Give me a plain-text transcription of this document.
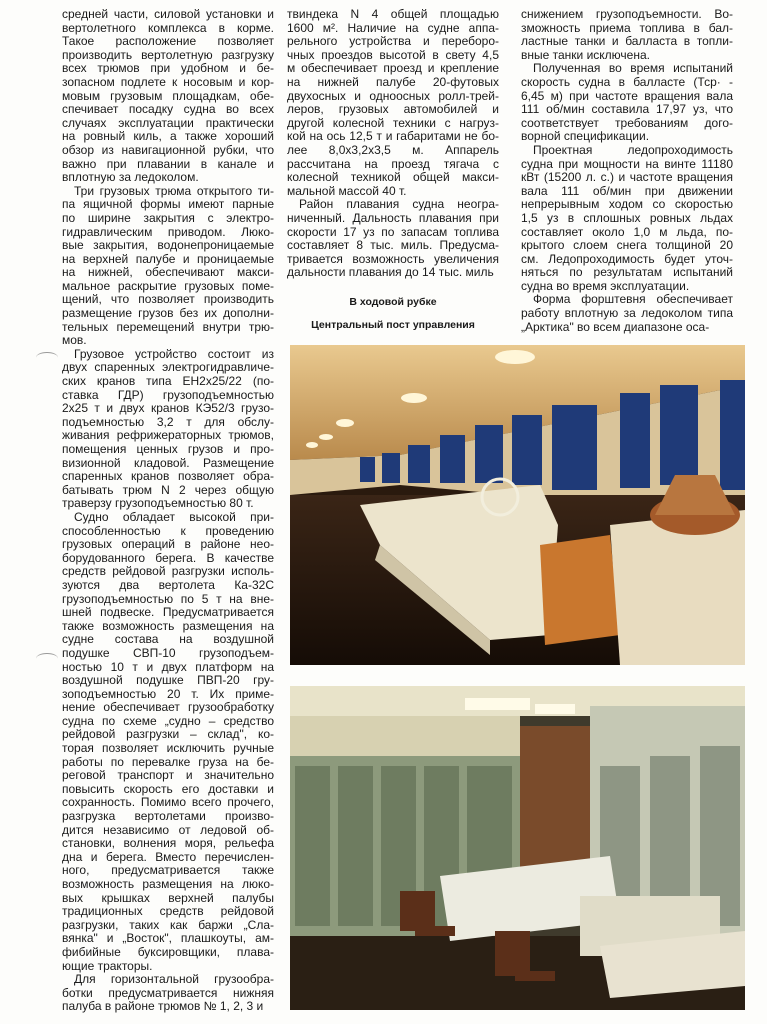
средней части, силовой установки и
вертолетного комплекса в корме.
Такое расположение позволяет
производить вертолетную разгрузку
всех трюмов при удобном и бе-
зопасном подлете к носовым и кор-
мовым грузовым площадкам, обе-
спечивает посадку судна во всех
случаях эксплуатации практически
на ровный киль, а также хороший
обзор из навигационной рубки, что
важно при плавании в канале и
вплотную за ледоколом.
Три грузовых трюма открытого ти-
па ящичной формы имеют парные
по ширине закрытия с электро-
гидравлическим приводом. Люко-
вые закрытия, водонепроницаемые
на верхней палубе и проницаемые
на нижней, обеспечивают макси-
мальное раскрытие грузовых поме-
щений, что позволяет производить
размещение грузов без их дополни-
тельных перемещений внутри трю-
мов.
Грузовое устройство состоит из
двух спаренных электрогидравличе-
ских кранов типа ЕН2х25/22 (по-
ставка ГДР) грузоподъемностью
2х25 т и двух кранов КЭ52/3 грузо-
подъемностью 3,2 т для обслу-
живания рефрижераторных трюмов,
помещения ценных грузов и про-
визионной кладовой. Размещение
спаренных кранов позволяет обра-
батывать трюм N 2 через общую
траверзу грузоподъемностью 80 т.
Судно обладает высокой при-
способленностью к проведению
грузовых операций в районе нео-
борудованного берега. В качестве
средств рейдовой разгрузки исполь-
зуются два вертолета Ка-32С
грузоподъемностью по 5 т на вне-
шней подвеске. Предусматривается
также возможность размещения на
судне состава на воздушной
подушке СВП-10 грузоподъем-
ностью 10 т и двух платформ на
воздушной подушке ПВП-20 гру-
зоподъемностью 20 т. Их приме-
нение обеспечивает грузообработку
судна по схеме „судно – средство
рейдовой разгрузки – склад", ко-
торая позволяет исключить ручные
работы по перевалке груза на бе-
реговой транспорт и значительно
повысить скорость его доставки и
сохранность. Помимо всего прочего,
разгрузка вертолетами произво-
дится независимо от ледовой об-
становки, волнения моря, рельефа
дна и берега. Вместо перечислен-
ного, предусматривается также
возможность размещения на люко-
вых крышках верхней палубы
традиционных средств рейдовой
разгрузки, таких как баржи „Сла-
вянка" и „Восток", плашкоуты, ам-
фибийные буксировщики, плава-
ющие тракторы.
Для горизонтальной грузообра-
ботки предусматривается нижняя
палуба в районе трюмов № 1, 2, 3 и
твиндека N 4 общей площадью
1600 м². Наличие на судне аппа-
рельного устройства и переборо-
чных проездов высотой в свету 4,5
м обеспечивает проезд и крепление
на нижней палубе 20-футовых
двухосных и одноосных ролл-трей-
леров, грузовых автомобилей и
другой колесной техники с нагруз-
кой на ось 12,5 т и габаритами не бо-
лее 8,0х3,2х3,5 м. Аппарель
рассчитана на проезд тягача с
колесной техникой общей макси-
мальной массой 40 т.
Район плавания судна неогра-
ниченный. Дальность плавания при
скорости 17 уз по запасам топлива
составляет 8 тыс. миль. Предусма-
тривается возможность увеличения
дальности плавания до 14 тыс. миль
снижением грузоподъемности. Во-
зможность приема топлива в бал-
ластные танки и балласта в топли-
вные танки исключена.
Полученная во время испытаний
скорость судна в балласте (Тср· -
6,45 м) при частоте вращения вала
111 об/мин составила 17,97 уз, что
соответствует требованиям дого-
ворной спецификации.
Проектная ледопроходимость
судна при мощности на винте 11180
кВт (15200 л. с.) и частоте вращения
вала 111 об/мин при движении
непрерывным ходом со скоростью
1,5 уз в сплошных ровных льдах
составляет около 1,0 м льда, по-
крытого слоем снега толщиной 20
см. Ледопроходимость будет уточ-
няться по результатам испытаний
судна во время эксплуатации.
Форма форштевня обеспечивает
работу вплотную за ледоколом типа
„Арктика" во всем диапазоне оса-
В ходовой рубке
Центральный пост управления
